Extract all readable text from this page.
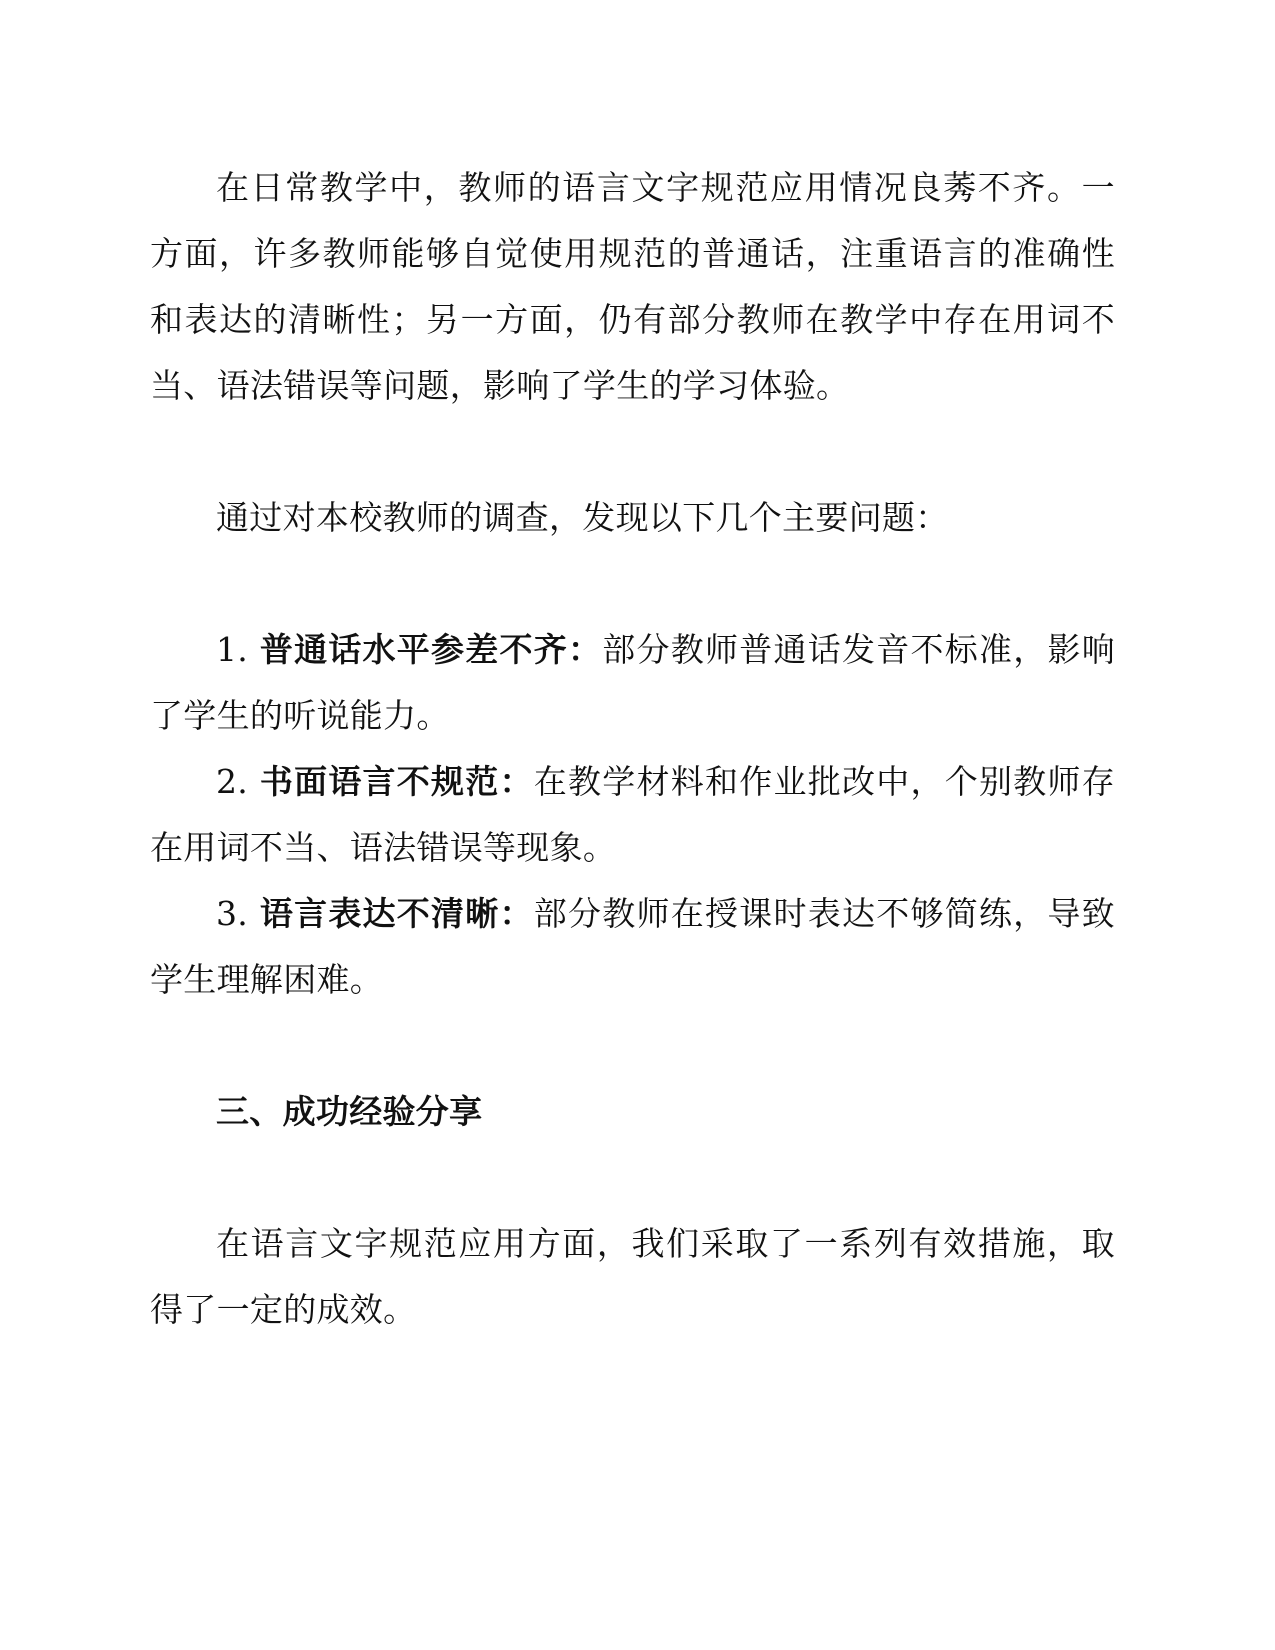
在日常教学中，教师的语言文字规范应用情况良莠不齐。一方面，许多教师能够自觉使用规范的普通话，注重语言的准确性和表达的清晰性；另一方面，仍有部分教师在教学中存在用词不当、语法错误等问题，影响了学生的学习体验。

通过对本校教师的调查，发现以下几个主要问题：

1. 普通话水平参差不齐：部分教师普通话发音不标准，影响了学生的听说能力。

2. 书面语言不规范：在教学材料和作业批改中，个别教师存在用词不当、语法错误等现象。

3. 语言表达不清晰：部分教师在授课时表达不够简练，导致学生理解困难。

三、成功经验分享

在语言文字规范应用方面，我们采取了一系列有效措施，取得了一定的成效。
